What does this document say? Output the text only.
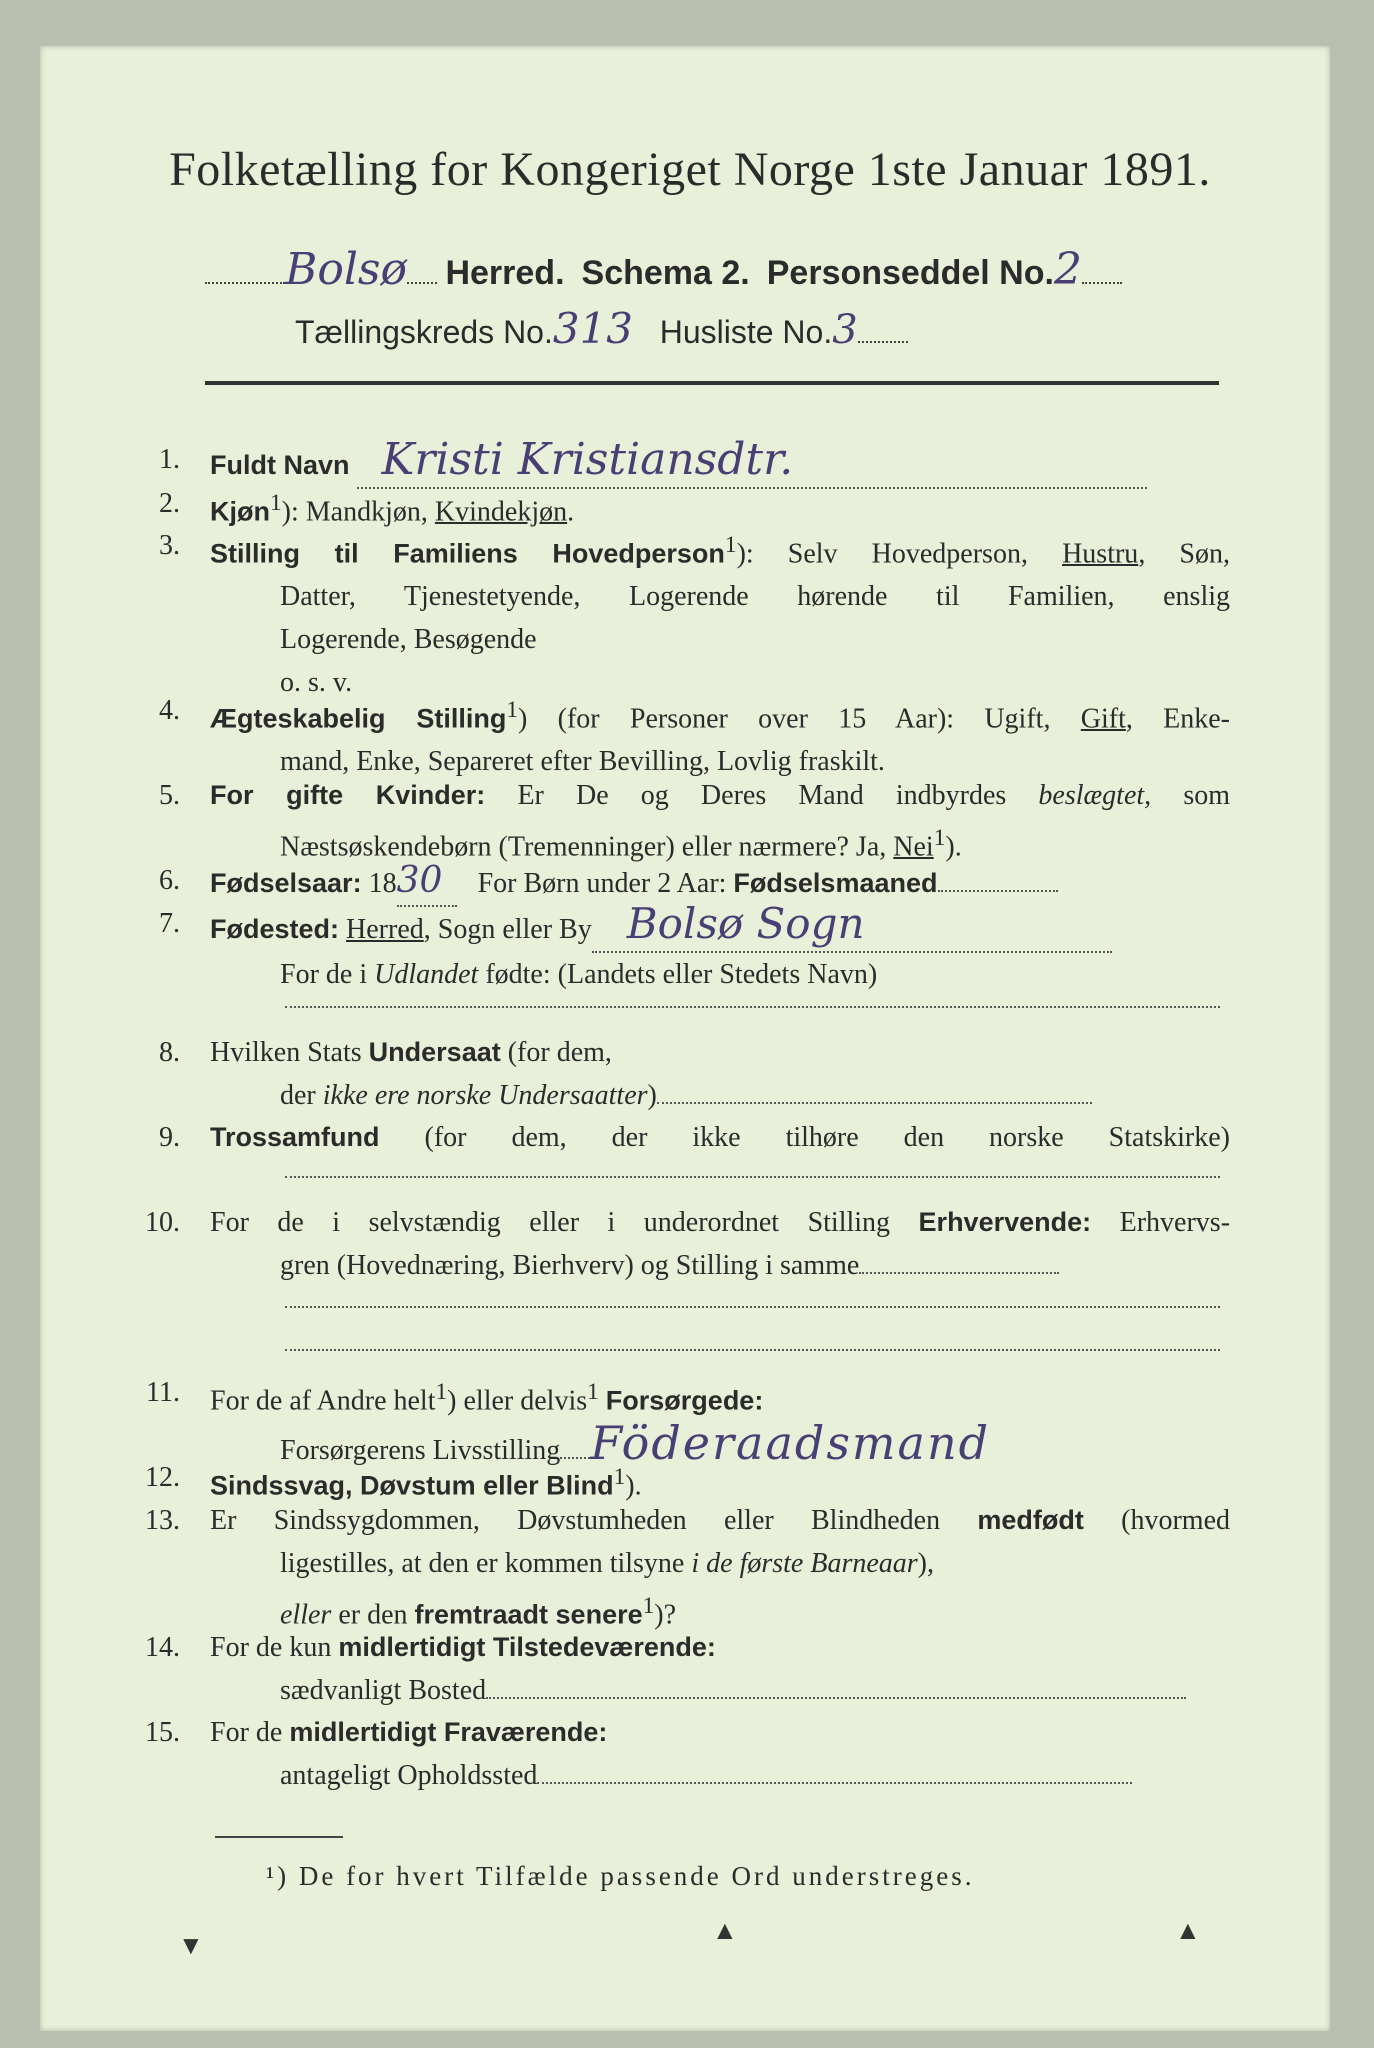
Folketælling for Kongeriget Norge 1ste Januar 1891.
Bolsø Herred. Schema 2. Personseddel No.2
Tællingskreds No.313 Husliste No.3
1. Fuldt Navn Kristi Kristiansdtr.
2. Kjøn$^1$): Mandkjøn, Kvindekjøn.
3. Stilling til Familiens Hovedperson$^1$): Selv Hovedperson, Hustru, Søn,
Datter, Tjenestetyende, Logerende hørende til Familien, enslig
Logerende, Besøgende
o. s. v.
4. Ægteskabelig Stilling$^1$) (for Personer over 15 Aar): Ugift, Gift, Enke-
mand, Enke, Separeret efter Bevilling, Lovlig fraskilt.
5. For gifte Kvinder: Er De og Deres Mand indbyrdes beslægtet, som
Næstsøskendebørn (Tremenninger) eller nærmere? Ja, Nei$^1$).
6. Fødselsaar: 1830 For Børn under 2 Aar: Fødselsmaaned
7. Fødested: Herred, Sogn eller By Bolsø Sogn
For de i Udlandet fødte: (Landets eller Stedets Navn)
8. Hvilken Stats Undersaat (for dem,
der ikke ere norske Undersaatter)
9. Trossamfund (for dem, der ikke tilhøre den norske Statskirke)
10. For de i selvstændig eller i underordnet Stilling Erhvervende: Erhvervs-
gren (Hovednæring, Bierhverv) og Stilling i samme
11. For de af Andre helt$^1$) eller delvis$^1$ Forsørgede:
Forsørgerens Livsstilling Föderaadsmand
12. Sindssvag, Døvstum eller Blind$^1$).
13. Er Sindssygdommen, Døvstumheden eller Blindheden medfødt (hvormed
ligestilles, at den er kommen tilsyne i de første Barneaar),
eller er den fremtraadt senere$^1$)?
14. For de kun midlertidigt Tilstedeværende:
sædvanligt Bosted
15. For de midlertidigt Fraværende:
antageligt Opholdssted
¹) De for hvert Tilfælde passende Ord understreges.
▼
▲	▲
